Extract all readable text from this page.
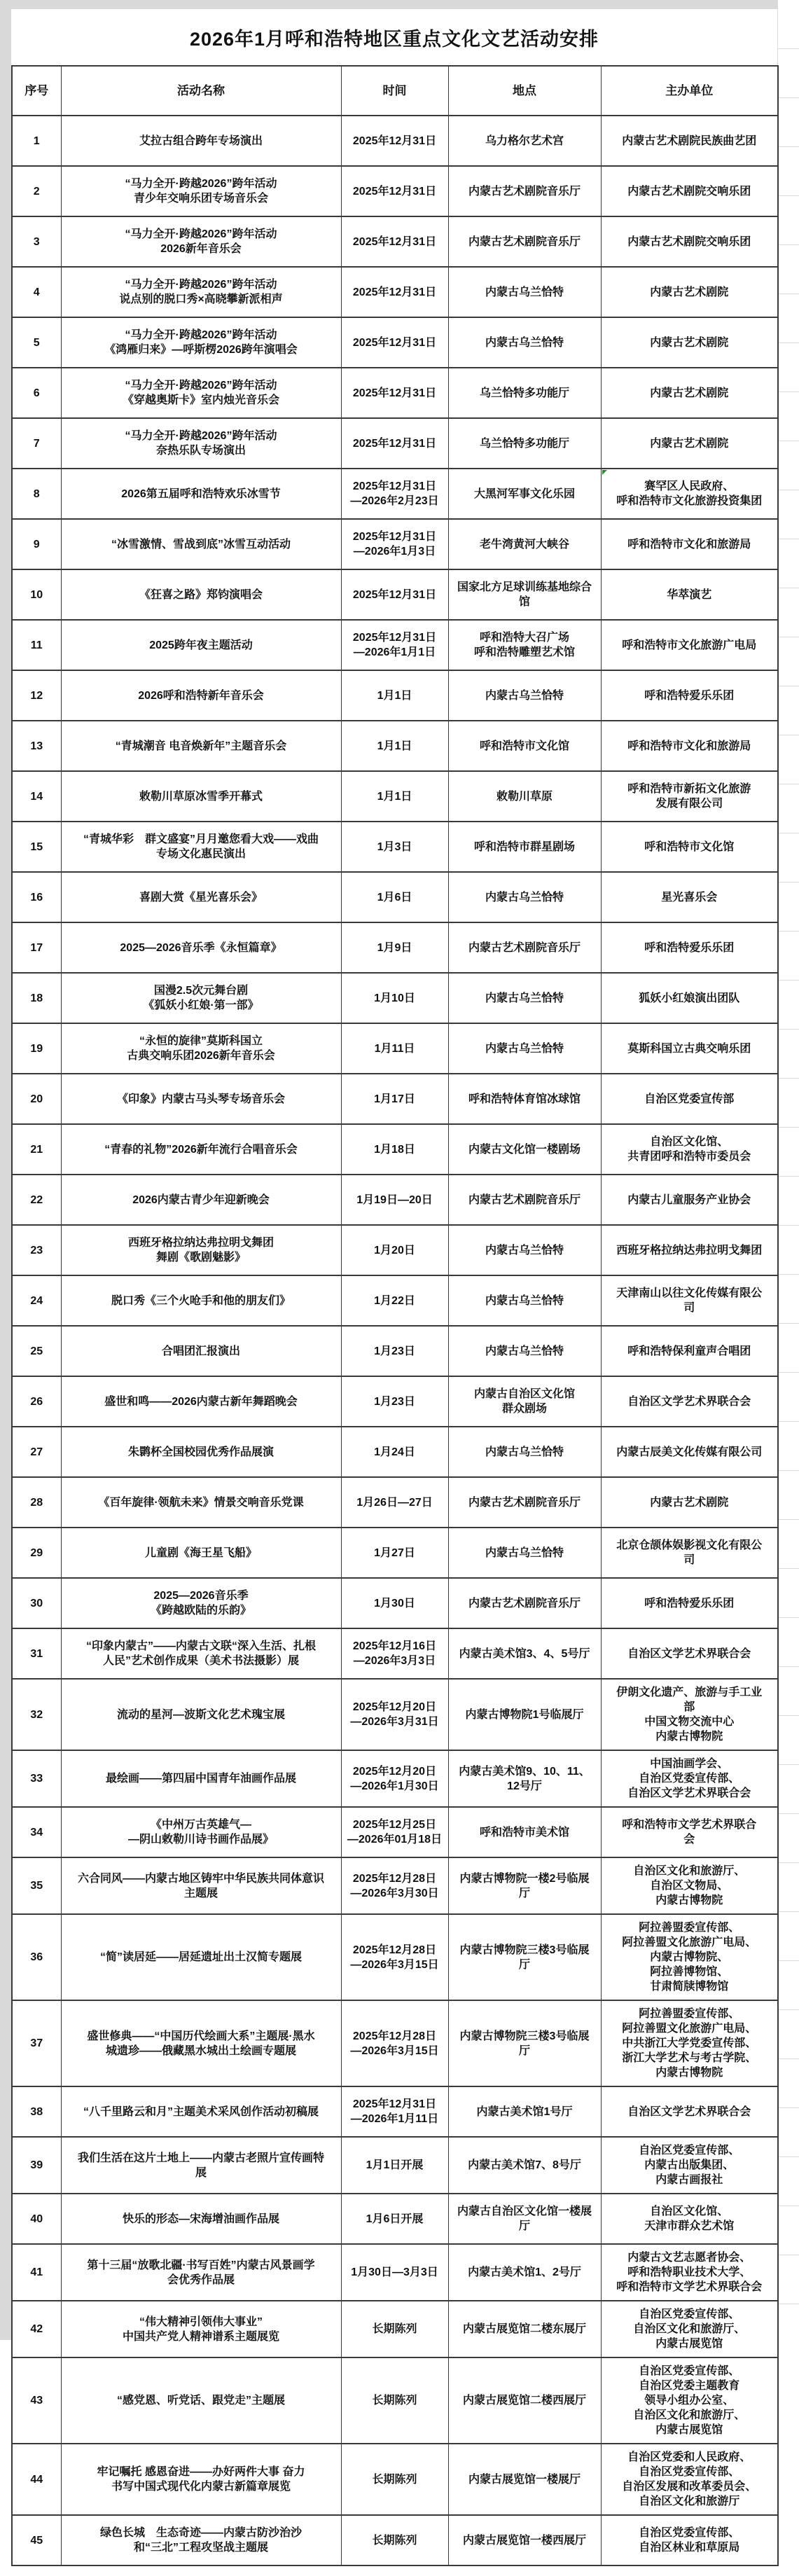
2026年1月呼和浩特地区重点文化文艺活动安排
序号	活动名称	时间	地点	主办单位
1	艾拉古组合跨年专场演出	2025年12月31日	乌力格尔艺术宫	内蒙古艺术剧院民族曲艺团
2	“马力全开·跨越2026”跨年活动
青少年交响乐团专场音乐会	2025年12月31日	内蒙古艺术剧院音乐厅	内蒙古艺术剧院交响乐团
3	“马力全开·跨越2026”跨年活动
2026新年音乐会	2025年12月31日	内蒙古艺术剧院音乐厅	内蒙古艺术剧院交响乐团
4	“马力全开·跨越2026”跨年活动
说点别的脱口秀×高晓攀新派相声	2025年12月31日	内蒙古乌兰恰特	内蒙古艺术剧院
5	“马力全开·跨越2026”跨年活动
《鸿雁归来》—呼斯楞2026跨年演唱会	2025年12月31日	内蒙古乌兰恰特	内蒙古艺术剧院
6	“马力全开·跨越2026”跨年活动
《穿越奥斯卡》室内烛光音乐会	2025年12月31日	乌兰恰特多功能厅	内蒙古艺术剧院
7	“马力全开·跨越2026”跨年活动
奈热乐队专场演出	2025年12月31日	乌兰恰特多功能厅	内蒙古艺术剧院
8	2026第五届呼和浩特欢乐冰雪节	2025年12月31日
—2026年2月23日	大黑河军事文化乐园	赛罕区人民政府、
呼和浩特市文化旅游投资集团

9	“冰雪激情、雪战到底”冰雪互动活动	2025年12月31日
—2026年1月3日	老牛湾黄河大峡谷	呼和浩特市文化和旅游局
10	《狂喜之路》郑钧演唱会	2025年12月31日	国家北方足球训练基地综合
馆	华萃演艺
11	2025跨年夜主题活动	2025年12月31日
—2026年1月1日	呼和浩特大召广场
呼和浩特雕塑艺术馆	呼和浩特市文化旅游广电局
12	2026呼和浩特新年音乐会	1月1日	内蒙古乌兰恰特	呼和浩特爱乐乐团
13	“青城潮音 电音焕新年”主题音乐会	1月1日	呼和浩特市文化馆	呼和浩特市文化和旅游局
14	敕勒川草原冰雪季开幕式	1月1日	敕勒川草原	呼和浩特市新拓文化旅游
发展有限公司
15	“青城华彩　群文盛宴”月月邀您看大戏——戏曲
专场文化惠民演出	1月3日	呼和浩特市群星剧场	呼和浩特市文化馆
16	喜剧大赏《星光喜乐会》	1月6日	内蒙古乌兰恰特	星光喜乐会
17	2025—2026音乐季《永恒篇章》	1月9日	内蒙古艺术剧院音乐厅	呼和浩特爱乐乐团
18	国漫2.5次元舞台剧
《狐妖小红娘·第一部》	1月10日	内蒙古乌兰恰特	狐妖小红娘演出团队
19	“永恒的旋律”莫斯科国立
古典交响乐团2026新年音乐会	1月11日	内蒙古乌兰恰特	莫斯科国立古典交响乐团
20	《印象》内蒙古马头琴专场音乐会	1月17日	呼和浩特体育馆冰球馆	自治区党委宣传部
21	“青春的礼物”2026新年流行合唱音乐会	1月18日	内蒙古文化馆一楼剧场	自治区文化馆、
共青团呼和浩特市委员会
22	2026内蒙古青少年迎新晚会	1月19日—20日	内蒙古艺术剧院音乐厅	内蒙古儿童服务产业协会
23	西班牙格拉纳达弗拉明戈舞团
舞剧《歌剧魅影》	1月20日	内蒙古乌兰恰特	西班牙格拉纳达弗拉明戈舞团
24	脱口秀《三个火呛手和他的朋友们》	1月22日	内蒙古乌兰恰特	天津南山以往文化传媒有限公
司
25	合唱团汇报演出	1月23日	内蒙古乌兰恰特	呼和浩特保利童声合唱团
26	盛世和鸣——2026内蒙古新年舞蹈晚会	1月23日	内蒙古自治区文化馆
群众剧场	自治区文学艺术界联合会
27	朱鹮杯全国校园优秀作品展演	1月24日	内蒙古乌兰恰特	内蒙古辰美文化传媒有限公司
28	《百年旋律·领航未来》情景交响音乐党课	1月26日—27日	内蒙古艺术剧院音乐厅	内蒙古艺术剧院
29	儿童剧《海王星飞船》	1月27日	内蒙古乌兰恰特	北京仓颉体娱影视文化有限公
司
30	2025—2026音乐季
《跨越欧陆的乐韵》	1月30日	内蒙古艺术剧院音乐厅	呼和浩特爱乐乐团
31	“印象内蒙古”——内蒙古文联“深入生活、扎根
人民”艺术创作成果（美术书法摄影）展	2025年12月16日
—2026年3月3日	内蒙古美术馆3、4、5号厅	自治区文学艺术界联合会
32	流动的星河—波斯文化艺术瑰宝展	2025年12月20日
—2026年3月31日	内蒙古博物院1号临展厅	伊朗文化遗产、旅游与手工业
部
中国文物交流中心
内蒙古博物院
33	最绘画——第四届中国青年油画作品展	2025年12月20日
—2026年1月30日	内蒙古美术馆9、10、11、
12号厅	中国油画学会、
自治区党委宣传部、
自治区文学艺术界联合会
34	《中州万古英雄气—
—阴山敕勒川诗书画作品展》	2025年12月25日
—2026年01月18日	呼和浩特市美术馆	呼和浩特市文学艺术界联合
会
35	六合同风——内蒙古地区铸牢中华民族共同体意识
主题展	2025年12月28日
—2026年3月30日	内蒙古博物院一楼2号临展
厅	自治区文化和旅游厅、
自治区文物局、
内蒙古博物院
36	“简”读居延——居延遗址出土汉简专题展	2025年12月28日
—2026年3月15日	内蒙古博物院三楼3号临展
厅	阿拉善盟委宣传部、
阿拉善盟文化旅游广电局、
内蒙古博物院、
阿拉善博物馆、
甘肃简牍博物馆
37	盛世修典——“中国历代绘画大系”主题展·黑水
城遗珍——俄藏黑水城出土绘画专题展	2025年12月28日
—2026年3月15日	内蒙古博物院三楼3号临展
厅	阿拉善盟委宣传部、
阿拉善盟文化旅游广电局、
中共浙江大学党委宣传部、
浙江大学艺术与考古学院、
内蒙古博物院
38	“八千里路云和月”主题美术采风创作活动初稿展	2025年12月31日
—2026年1月11日	内蒙古美术馆1号厅	自治区文学艺术界联合会
39	我们生活在这片土地上——内蒙古老照片宣传画特
展	1月1日开展	内蒙古美术馆7、8号厅	自治区党委宣传部、
内蒙古出版集团、
内蒙古画报社
40	快乐的形态—宋海增油画作品展	1月6日开展	内蒙古自治区文化馆一楼展
厅	自治区文化馆、
天津市群众艺术馆
41	第十三届“放歌北疆·书写百姓”内蒙古风景画学
会优秀作品展	1月30日—3月3日	内蒙古美术馆1、2号厅	内蒙古文艺志愿者协会、
呼和浩特职业技术大学、
呼和浩特市文学艺术界联合会
42	“伟大精神引领伟大事业”
中国共产党人精神谱系主题展览	长期陈列	内蒙古展览馆二楼东展厅	自治区党委宣传部、
自治区文化和旅游厅、
内蒙古展览馆
43	“感党恩、听党话、跟党走”主题展	长期陈列	内蒙古展览馆二楼西展厅	自治区党委宣传部、
自治区党委主题教育
领导小组办公室、
自治区文化和旅游厅、
内蒙古展览馆
44	牢记嘱托 感恩奋进——办好两件大事 奋力
书写中国式现代化内蒙古新篇章展览	长期陈列	内蒙古展览馆一楼展厅	自治区党委和人民政府、
自治区党委宣传部、
自治区发展和改革委员会、
自治区文化和旅游厅
45	绿色长城　生态奇迹——内蒙古防沙治沙
和“三北”工程攻坚战主题展	长期陈列	内蒙古展览馆一楼西展厅	自治区党委宣传部、
自治区林业和草原局
